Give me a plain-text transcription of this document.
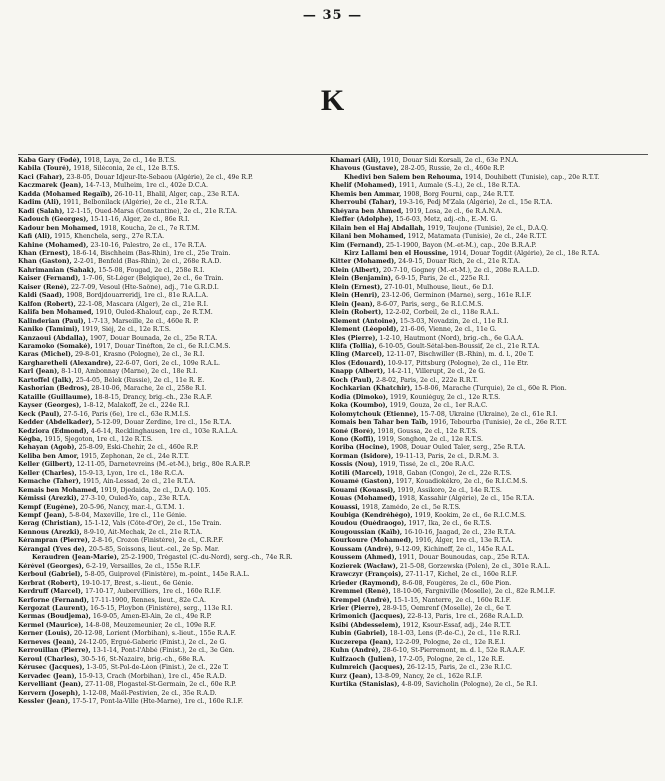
— 35 —
K
Kaba Gary (Fodé), 1918, Laya, 2e cl., 14e B.T.S.
Kabila (Touré), 1918, Siléconia, 2e cl., 12e B.T.S.
Kaci (Fahar), 23-8-05, Douar Idjeur-Ite-Sebaou (Algérie), 2e cl., 49e R.P.
Kaczmarek (Jean), 14-7-13, Mulheim, 1re cl., 402e D.C.A.
Kadda (Mohamed Regaïb), 26-10-11, Bhalil, Alger, cap., 23e R.T.A.
Kadim (Ali), 1911, Belbonilack (Algérie), 2e cl., 21e R.T.A.
Kadi (Salah), 12-1-15, Oued-Marsa (Constantine), 2e cl., 21e R.T.A.
Kadouch (Georges), 15-11-16, Alger, 2e cl., 86e R.I.
Kadour ben Mohamed, 1918, Koucha, 2e cl., 7e R.T.M.
Kafi (Ali), 1915, Khenchela, serg., 27e R.T.A.
Kahine (Mohamed), 23-10-16, Palestro, 2e cl., 17e R.T.A.
Khan (Ernest), 18-6-14, Bischheim (Bas-Rhin), 1re cl., 25e Train.
Khan (Gaston), 2-2-01, Benfeld (Bas-Rhin), 2e cl., 268e R.A.D.
Kahrimanian (Sahak), 15-5-08, Fougad, 2e cl., 258e R.I.
Kaiser (Fernand), 1-7-06, St-Léger (Belgique), 2e cl., 6e Train.
Kaiser (René), 22-7-09, Vesoul (Hte-Saône), adj., 71e G.R.D.I.
Kaldi (Saad), 1908, Bordjdouarreridj, 1re cl., 81e R.A.L.A.
Kalfon (Robert), 22-1-08, Mascara (Alger), 2e cl., 21e R.I.
Kalifa ben Mohamed, 1910, Ouled-Khalouf, cap., 2e R.T.M.
Kalinderian (Paul), 1-7-13, Marseille, 2e cl., 460e R. P.
Kaniko (Tamimi), 1919, Siéj, 2e cl., 12e R.T.S.
Kanzaoui (Abdalla), 1907, Douar Bounada, 2e cl., 25e R.T.A.
Karamoko (Somaké), 1917, Douar Tinéfton, 2e cl., 6e R.I.C.M.S.
Karas (Michel), 29-8-01, Krasno (Pologne), 2e cl., 3e R.I.
Kargharetheli (Alexandre), 22-6-07, Gori, 2e cl., 109e R.A.L.
Karl (Jean), 8-1-10, Ambonnay (Marne), 2e cl., 18e R.I.
Kartoffel (Jalk), 25-4-05, Bélek (Russie), 2e cl., 11e R. E.
Kashorian (Bedros), 28-10-06, Marache, 2e cl., 258e R.I.
Kataille (Guillaume), 18-8-15, Drancy, brig.-ch., 23e R.A.F.
Kayser (Georges), 1-8-12, Malakoff, 2e cl., 224e R.I.
Keck (Paul), 27-5-16, Paris (6e), 1re cl., 63e R.M.I.S.
Kedder (Abdelkader), 5-12-09, Douar Zerdine, 1re cl., 15e R.T.A.
Kedziora (Edmond), 4-6-14, Recklinghausen, 1re cl., 103e R.A.L.A.
Kégba, 1915, Sjegoton, 1re cl., 12e R.T.S.
Kehayan (Agob), 25-8-09, Eski-Chehir, 2e cl., 460e R.P.
Keliba ben Amor, 1915, Zephonan, 2e cl., 24e R.T.T.
Keller (Gilbert), 12-11-05, Darnetevreins (M.-et-M.), brig., 80e R.A.R.P.
Keller (Charles), 15-9-13, Lyon, 1re cl., 18e R.C.A.
Kemache (Taher), 1915, Ain-Lessad, 2e cl., 21e R.T.A.
Kemais ben Mohamed, 1919, Djedaida, 2e cl., D.A.Q. 105.
Kémissi (Arezki), 27-3-10, Ouled-Yo, cap., 23e R.T.A.
Kempf (Eugène), 20-5-96, Nancy, mar.-l., G.T.M. 1.
Kempf (Jean), 5-8-04, Maxeville, 1re cl., 11e Génie.
Kerag (Christian), 15-1-12, Vals (Côte-d'Or), 2e cl., 15e Train.
Kennous (Arezki), 8-9-10, Ait-Mechak, 2e cl., 21e R.T.A.
Kérampran (Pierre), 2-8-16, Crozon (Finistère), 2e cl., C.R.P.F.
Kérangal (Yves de), 20-5-85, Soissons, lieut.-cel., 2e Sp. Mar.
Keraudren (Jean-Marie), 25-2-1900, Trégastel (C.-du-Nord), serg.-ch., 74e R.R.
Kérével (Georges), 6-2-19, Versailles, 2e cl., 155e R.I.F.
Kerboul (Gabriel), 5-8-05, Guiprovel (Finistère), m.-point., 145e R.A.L.
Kerbrat (Robert), 19-10-17, Brest, s.-lieut., 6e Génie.
Kerdruff (Marcel), 17-10-17, Aubervilliers, 1re cl., 160e R.I.F.
Kerforne (Fernand), 17-11-1900, Rennes, lieut., 82e C.A.
Kergozat (Laurent), 16-5-15, Ploybon (Finistère), serg., 113e R.I.
Kermas (Boudjema), 16-9-05, Amen-El-Ain, 2e cl., 49e R.P.
Kermel (Maurice), 14-8-08, Meuzemeunier, 2e cl., 109e R.F.
Kerner (Louis), 20-12-98, Lorient (Morbihan), s.-lieut., 155e R.A.F.
Kerneves (Jean), 24-12-05, Ergué-Gaberic (Finist.), 2e cl., 2e G.
Kerrouillan (Pierre), 13-1-14, Pont-l'Abbé (Finist.), 2e cl., 3e Gén.
Keroul (Charles), 30-5-16, St-Nazaire, brig.-ch., 68e R.A.
Kérusec (Jacques), 1-3-05, St-Pol-de-Léon (Finist.), 2e cl., 22e T.
Kervadec (Jean), 15-9-13, Crach (Morbihan), 1re cl., 45e R.A.D.
Kervelliant (Jean), 27-11-08, Plogastel-St-Germain, 2e cl., 60e R.P.
Kervern (Joseph), 1-12-08, Maël-Pestivien, 2e cl., 35e R.A.D.
Kessler (Jean), 17-5-17, Pont-la-Ville (Hte-Marne), 1re cl., 160e R.I.F.
Khamari (Ali), 1910, Douar Sidi Korsali, 2e cl., 63e P.N.A.
Khavous (Gustave), 28-2-05, Russie, 2e cl., 460e R.P.
Khedivi ben Salem ben Rehouma, 1914, Douhibett (Tunisie), cap., 20e R.T.T.
Khelif (Mohamed), 1911, Aumale (S.-I.), 2e cl., 18e R.T.A.
Khemis ben Ammar, 1908, Borg Fourni, cap., 24e R.T.T.
Kherroubi (Tahar), 19-3-16, Pedj M'Zala (Algérie), 2e cl., 15e R.T.A.
Khéyara ben Ahmed, 1919, Losa, 2e cl., 6e R.A.N.A.
Kieffer (Adolphe), 15-6-03, Metz, adj.-ch., E.-M. G.
Kilain ben el Haj Abdallah, 1919, Teujone (Tunisie), 2e cl., D.A.Q.
Kilani ben Mohamed, 1912, Matamata (Tunisie), 2e cl., 24e R.T.T.
Kim (Fernand), 25-1-1900, Bayon (M.-et-M.), cap., 20e B.R.A.P.
Kirz Lallami ben el Houssine, 1914, Douar Togdit (Algérie), 2e cl., 18e R.T.A.
Kitter (Mohamed), 24-9-15, Douar Rich, 2e cl., 21e R.T.A.
Klein (Albert), 20-7-10, Gogney (M.-et-M.), 2e cl., 208e R.A.L.D.
Klein (Benjamin), 6-9-15, Paris, 2e cl., 225e R.I.
Klein (Ernest), 27-10-01, Mulhouse, lieut., 6e D.I.
Klein (Henri), 23-12-06, Germinon (Marne), serg., 161e R.I.F.
Klein (Jean), 8-6-07, Paris, serg., 6e R.I.C.M.S.
Klein (Robert), 12-2-02, Corbeil, 2e cl., 118e R.A.L.
Klement (Antoine), 15-3-03, Novadzin, 2e cl., 11e R.I.
Klement (Léopold), 21-6-06, Vienne, 2e cl., 11e G.
Kles (Pierre), 1-2-10, Hautmont (Nord), brig.-ch., 6e G.A.A.
Klifa (Tollia), 6-10-05, Goult-Sétal-ben-Boussif, 2e cl., 21e R.T.A.
Kling (Marcel), 12-11-07, Bischwiller (B.-Rhin), m. d. l., 20e T.
Klos (Édouard), 10-9-17, Pittsburg (Pologne), 2e cl., 11e Étr.
Knapp (Albert), 14-2-11, Villerupt, 2e cl., 2e G.
Koch (Paul), 2-8-02, Paris, 2e cl., 222e R.R.T.
Kochkarian (Khatchir), 15-8-06, Marache (Turquie), 2e cl., 60e R. Pion.
Kodia (Dimoko), 1919, Kouniéguy, 2e cl., 12e R.T.S.
Koka (Koumbo), 1919, Gouza, 2e cl., 1er R.A.C.
Kolomytchouk (Étienne), 15-7-08, Ukraine (Ukraine), 2e cl., 61e R.I.
Komais ben Tahar ben Taïb, 1916, Tebourba (Tunisie), 2e cl., 26e R.T.T.
Koné (Boré), 1918, Goussa, 2e cl., 12e R.T.S.
Kono (Koffi), 1919, Songhon, 2e cl., 12e R.T.S.
Koriba (Hocine), 1908, Douar Ouled Taïer, serg., 25e R.T.A.
Korman (Isidore), 19-11-13, Paris, 2e cl., D.R.M. 3.
Kossis (Nou), 1919, Tissé, 2e cl., 20e R.A.C.
Kotili (Marcel), 1918, Gaban (Congo), 2e cl., 22e R.T.S.
Kouamé (Gaston), 1917, Kouadiokékro, 2e cl., 6e R.I.C.M.S.
Kouami (Kouassi), 1919, Assikoro, 2e cl., 14e R.T.S.
Kouas (Mohamed), 1918, Kassahir (Algérie), 2e cl., 15e R.T.A.
Kouassi, 1918, Zamédo, 2e cl., 5e R.T.S.
Koubiga (Kendréhégo), 1919, Kookim, 2e cl., 6e R.I.C.M.S.
Koudou (Ouédraogo), 1917, Ika, 2e cl., 6e R.T.S.
Kougoussian (Kaïb), 16-10-16, Jaagad, 2e cl., 23e R.T.A.
Kourkoure (Mohamed), 1916, Alger, 1re cl., 13e R.T.A.
Koussam (André), 9-12-09, Kichineff, 2e cl., 145e R.A.L.
Koussem (Ahmed), 1911, Douar Bounoudas, cap., 25e R.T.A.
Kozierek (Wacław), 21-5-08, Gorzewska (Polen), 2e cl., 301e R.A.L.
Krawczyr (François), 27-11-17, Kichel, 2e cl., 160e R.I.F.
Krieder (Raymond), 8-6-08, Fougères, 2e cl., 60e Pion.
Kremmel (René), 18-10-06, Fargniville (Moselle), 2e cl., 82e R.M.I.F.
Krempel (André), 15-1-15, Nanterre, 2e cl., 160e R.I.F.
Krier (Pierre), 28-9-15, Oemrenf (Moselle), 2e cl., 6e T.
Krimonich (Jacques), 22-8-13, Paris, 1re cl., 268e R.A.L.D.
Ksibi (Abdesselem), 1912, Ksour-Essaf, adj., 24e R.T.T.
Kubin (Gabriel), 18-1-03, Lens (P.-de-C.), 2e cl., 11e R.R.I.
Kuczerepa (Jean), 12-2-09, Pologne, 2e cl., 12e R.E.I.
Kuhn (André), 28-6-10, St-Pierremont, m. d. l., 52e R.A.A.F.
Kulfzaoch (Julien), 17-2-05, Pologne, 2e cl., 12e R.E.
Kulmreich (Jacques), 26-12-15, Paris, 2e cl., 23e R.I.C.
Kurz (Jean), 13-8-09, Nancy, 2e cl., 162e R.I.F.
Kurtika (Stanislas), 4-8-09, Savicholin (Pologne), 2e cl., 5e R.I.
